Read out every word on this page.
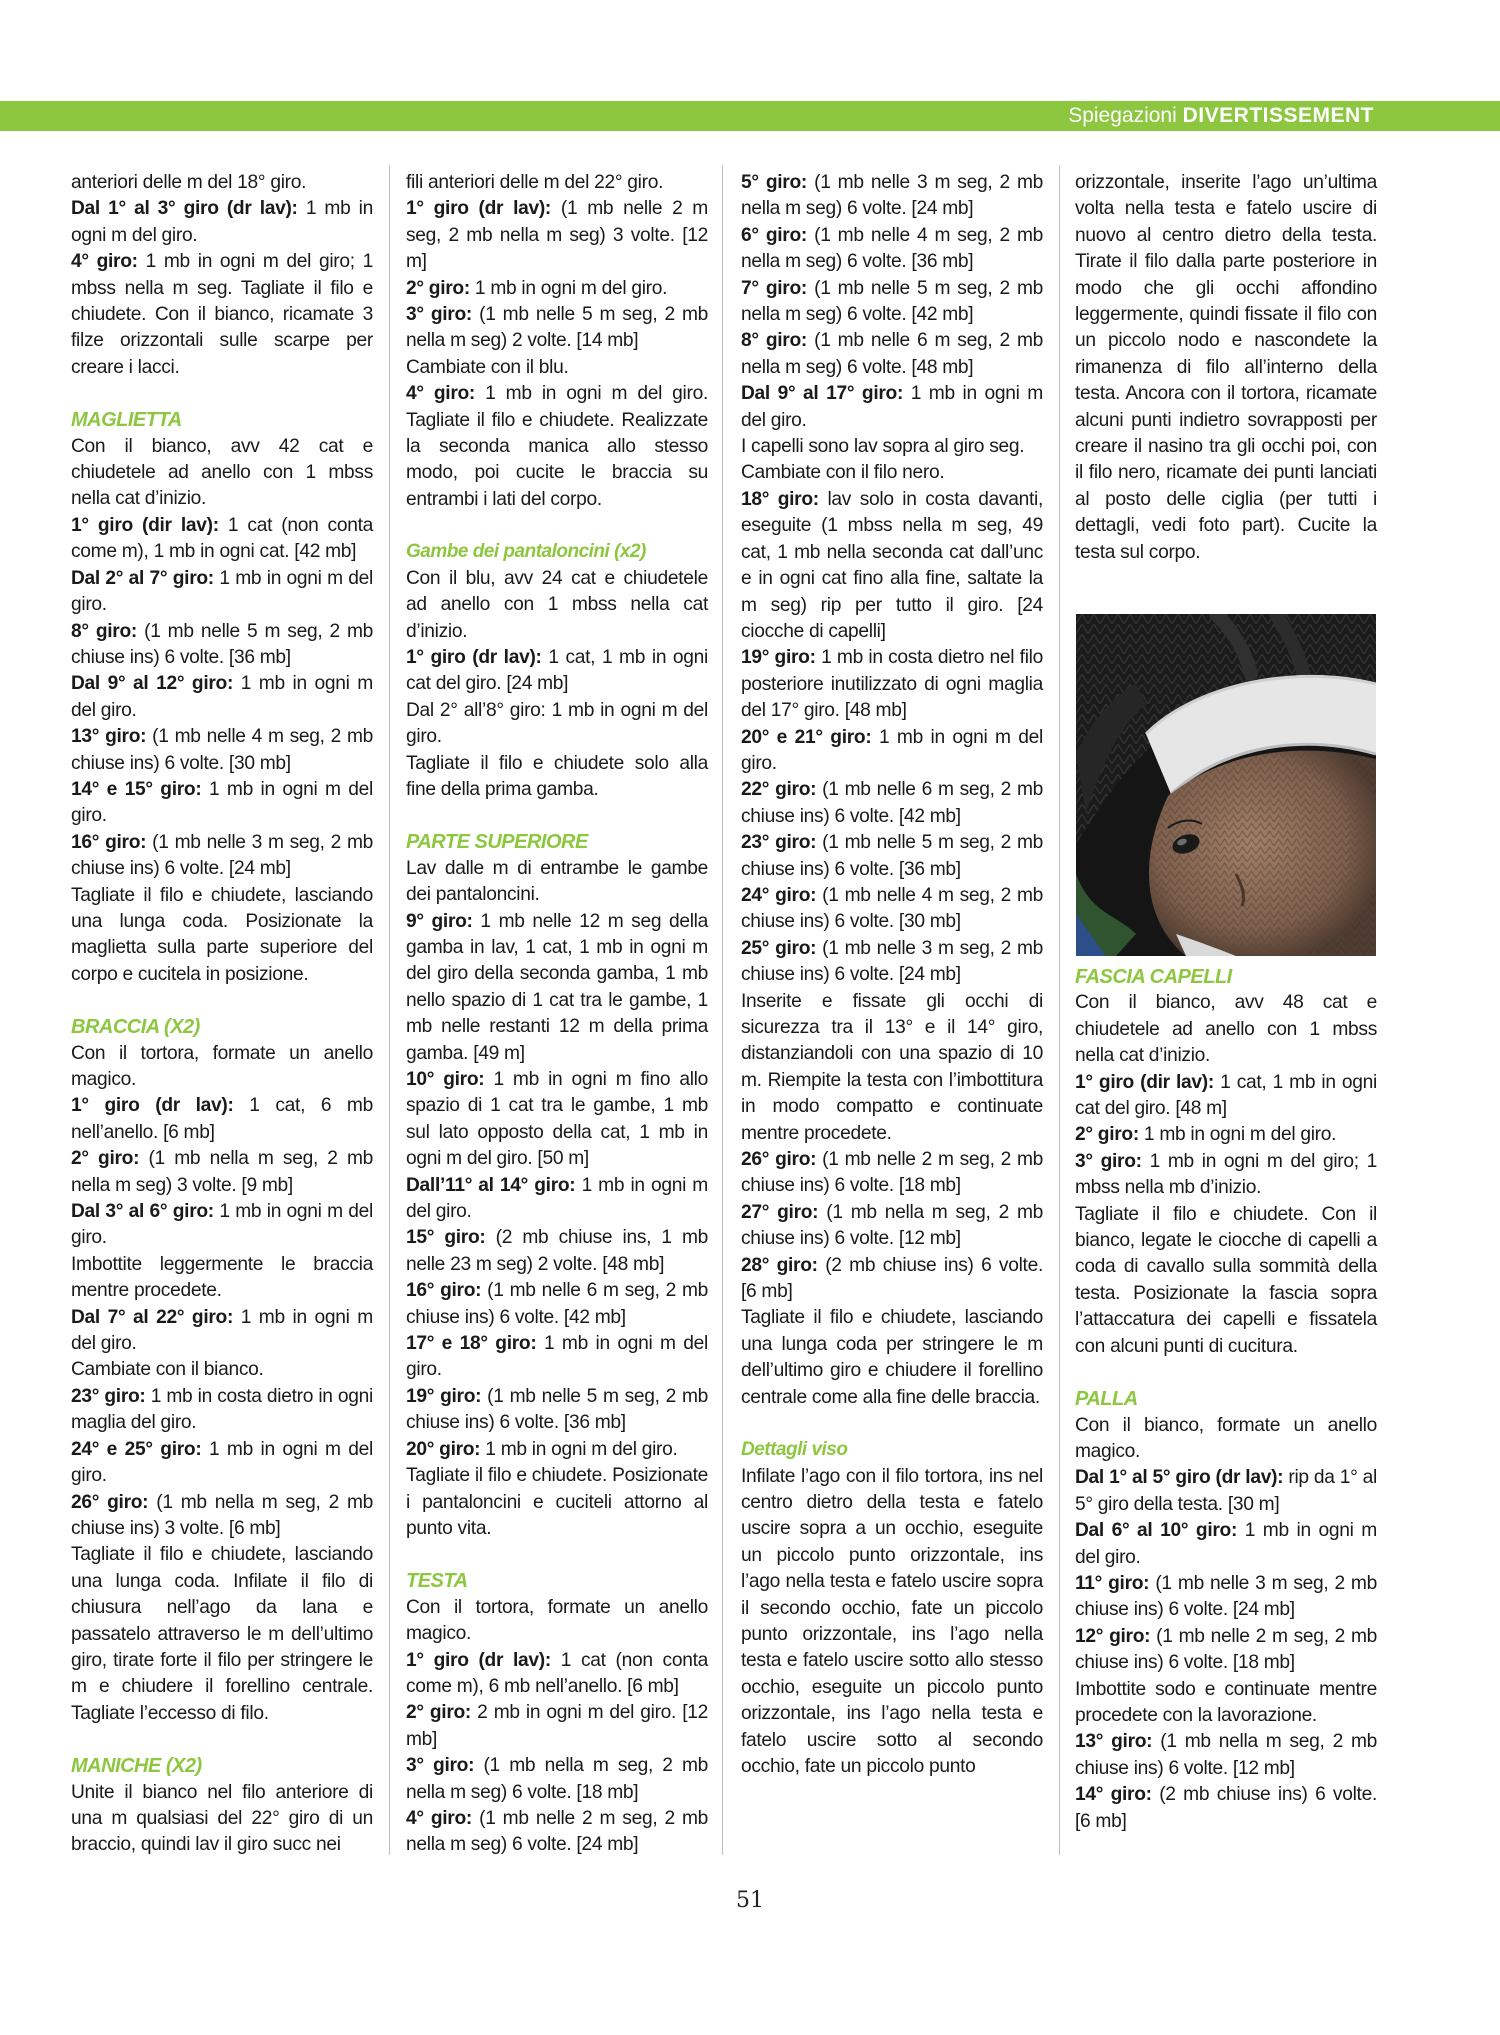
Spiegazioni DIVERTISSEMENT

anteriori delle m del 18° giro.

Dal 1° al 3° giro (dr lav): 1 mb in ogni m del giro.

4° giro: 1 mb in ogni m del giro; 1 mbss nella m seg. Tagliate il filo e chiudete. Con il bianco, ricamate 3 filze orizzontali sulle scarpe per creare i lacci.

MAGLIETTA

Con il bianco, avv 42 cat e chiudetele ad anello con 1 mbss nella cat d’inizio.

1° giro (dir lav): 1 cat (non conta come m), 1 mb in ogni cat. [42 mb]

Dal 2° al 7° giro: 1 mb in ogni m del giro.

8° giro: (1 mb nelle 5 m seg, 2 mb chiuse ins) 6 volte. [36 mb]

Dal 9° al 12° giro: 1 mb in ogni m del giro.

13° giro: (1 mb nelle 4 m seg, 2 mb chiuse ins) 6 volte. [30 mb]

14° e 15° giro: 1 mb in ogni m del giro.

16° giro: (1 mb nelle 3 m seg, 2 mb chiuse ins) 6 volte. [24 mb]

Tagliate il filo e chiudete, lasciando una lunga coda. Posizionate la maglietta sulla parte superiore del corpo e cucitela in posizione.

BRACCIA (X2)

Con il tortora, formate un anello magico.

1° giro (dr lav): 1 cat, 6 mb nell’anello. [6 mb]

2° giro: (1 mb nella m seg, 2 mb nella m seg) 3 volte. [9 mb]

Dal 3° al 6° giro: 1 mb in ogni m del giro.

Imbottite leggermente le braccia mentre procedete.

Dal 7° al 22° giro: 1 mb in ogni m del giro.

Cambiate con il bianco.

23° giro: 1 mb in costa dietro in ogni maglia del giro.

24° e 25° giro: 1 mb in ogni m del giro.

26° giro: (1 mb nella m seg, 2 mb chiuse ins) 3 volte. [6 mb]

Tagliate il filo e chiudete, lasciando una lunga coda. Infilate il filo di chiusura nell’ago da lana e passatelo attraverso le m dell’ultimo giro, tirate forte il filo per stringere le m e chiudere il forellino centrale. Tagliate l’eccesso di filo.

MANICHE (X2)

Unite il bianco nel filo anteriore di una m qualsiasi del 22° giro di un braccio, quindi lav il giro succ nei

fili anteriori delle m del 22° giro.

1° giro (dr lav): (1 mb nelle 2 m seg, 2 mb nella m seg) 3 volte. [12 m]

2° giro: 1 mb in ogni m del giro.

3° giro: (1 mb nelle 5 m seg, 2 mb nella m seg) 2 volte. [14 mb]

Cambiate con il blu.

4° giro: 1 mb in ogni m del giro. Tagliate il filo e chiudete. Realizzate la seconda manica allo stesso modo, poi cucite le braccia su entrambi i lati del corpo.

Gambe dei pantaloncini (x2)

Con il blu, avv 24 cat e chiudetele ad anello con 1 mbss nella cat d’inizio.

1° giro (dr lav): 1 cat, 1 mb in ogni cat del giro. [24 mb]

Dal 2° all’8° giro: 1 mb in ogni m del giro.

Tagliate il filo e chiudete solo alla fine della prima gamba.

PARTE SUPERIORE

Lav dalle m di entrambe le gambe dei pantaloncini.

9° giro: 1 mb nelle 12 m seg della gamba in lav, 1 cat, 1 mb in ogni m del giro della seconda gamba, 1 mb nello spazio di 1 cat tra le gambe, 1 mb nelle restanti 12 m della prima gamba. [49 m]

10° giro: 1 mb in ogni m fino allo spazio di 1 cat tra le gambe, 1 mb sul lato opposto della cat, 1 mb in ogni m del giro. [50 m]

Dall’11° al 14° giro: 1 mb in ogni m del giro.

15° giro: (2 mb chiuse ins, 1 mb nelle 23 m seg) 2 volte. [48 mb]

16° giro: (1 mb nelle 6 m seg, 2 mb chiuse ins) 6 volte. [42 mb]

17° e 18° giro: 1 mb in ogni m del giro.

19° giro: (1 mb nelle 5 m seg, 2 mb chiuse ins) 6 volte. [36 mb]

20° giro: 1 mb in ogni m del giro.

Tagliate il filo e chiudete. Posizionate i pantaloncini e cuciteli attorno al punto vita.

TESTA

Con il tortora, formate un anello magico.

1° giro (dr lav): 1 cat (non conta come m), 6 mb nell’anello. [6 mb]

2° giro: 2 mb in ogni m del giro. [12 mb]

3° giro: (1 mb nella m seg, 2 mb nella m seg) 6 volte. [18 mb]

4° giro: (1 mb nelle 2 m seg, 2 mb nella m seg) 6 volte. [24 mb]

5° giro: (1 mb nelle 3 m seg, 2 mb nella m seg) 6 volte. [24 mb]

6° giro: (1 mb nelle 4 m seg, 2 mb nella m seg) 6 volte. [36 mb]

7° giro: (1 mb nelle 5 m seg, 2 mb nella m seg) 6 volte. [42 mb]

8° giro: (1 mb nelle 6 m seg, 2 mb nella m seg) 6 volte. [48 mb]

Dal 9° al 17° giro: 1 mb in ogni m del giro.

I capelli sono lav sopra al giro seg.

Cambiate con il filo nero.

18° giro: lav solo in costa davanti, eseguite (1 mbss nella m seg, 49 cat, 1 mb nella seconda cat dall’unc e in ogni cat fino alla fine, saltate la m seg) rip per tutto il giro. [24 ciocche di capelli]

19° giro: 1 mb in costa dietro nel filo posteriore inutilizzato di ogni maglia del 17° giro. [48 mb]

20° e 21° giro: 1 mb in ogni m del giro.

22° giro: (1 mb nelle 6 m seg, 2 mb chiuse ins) 6 volte. [42 mb]

23° giro: (1 mb nelle 5 m seg, 2 mb chiuse ins) 6 volte. [36 mb]

24° giro: (1 mb nelle 4 m seg, 2 mb chiuse ins) 6 volte. [30 mb]

25° giro: (1 mb nelle 3 m seg, 2 mb chiuse ins) 6 volte. [24 mb]

Inserite e fissate gli occhi di sicurezza tra il 13° e il 14° giro, distanziandoli con una spazio di 10 m. Riempite la testa con l’imbottitura in modo compatto e continuate mentre procedete.

26° giro: (1 mb nelle 2 m seg, 2 mb chiuse ins) 6 volte. [18 mb]

27° giro: (1 mb nella m seg, 2 mb chiuse ins) 6 volte. [12 mb]

28° giro: (2 mb chiuse ins) 6 volte. [6 mb]

Tagliate il filo e chiudete, lasciando una lunga coda per stringere le m dell’ultimo giro e chiudere il forellino centrale come alla fine delle braccia.

Dettagli viso

Infilate l’ago con il filo tortora, ins nel centro dietro della testa e fatelo uscire sopra a un occhio, eseguite un piccolo punto orizzontale, ins l’ago nella testa e fatelo uscire sopra il secondo occhio, fate un piccolo punto orizzontale, ins l’ago nella testa e fatelo uscire sotto allo stesso occhio, eseguite un piccolo punto orizzontale, ins l’ago nella testa e fatelo uscire sotto al secondo occhio, fate un piccolo punto

orizzontale, inserite l’ago un’ultima volta nella testa e fatelo uscire di nuovo al centro dietro della testa. Tirate il filo dalla parte posteriore in modo che gli occhi affondino leggermente, quindi fissate il filo con un piccolo nodo e nascondete la rimanenza di filo all’interno della testa. Ancora con il tortora, ricamate alcuni punti indietro sovrapposti per creare il nasino tra gli occhi poi, con il filo nero, ricamate dei punti lanciati al posto delle ciglia (per tutti i dettagli, vedi foto part). Cucite la testa sul corpo.

FASCIA CAPELLI

Con il bianco, avv 48 cat e chiudetele ad anello con 1 mbss nella cat d’inizio.

1° giro (dir lav): 1 cat, 1 mb in ogni cat del giro. [48 m]

2° giro: 1 mb in ogni m del giro.

3° giro: 1 mb in ogni m del giro; 1 mbss nella mb d’inizio.

Tagliate il filo e chiudete. Con il bianco, legate le ciocche di capelli a coda di cavallo sulla sommità della testa. Posizionate la fascia sopra l’attaccatura dei capelli e fissatela con alcuni punti di cucitura.

PALLA

Con il bianco, formate un anello magico.

Dal 1° al 5° giro (dr lav): rip da 1° al 5° giro della testa. [30 m]

Dal 6° al 10° giro: 1 mb in ogni m del giro.

11° giro: (1 mb nelle 3 m seg, 2 mb chiuse ins) 6 volte. [24 mb]

12° giro: (1 mb nelle 2 m seg, 2 mb chiuse ins) 6 volte. [18 mb]

Imbottite sodo e continuate mentre procedete con la lavorazione.

13° giro: (1 mb nella m seg, 2 mb chiuse ins) 6 volte. [12 mb]

14° giro: (2 mb chiuse ins) 6 volte. [6 mb]

51
